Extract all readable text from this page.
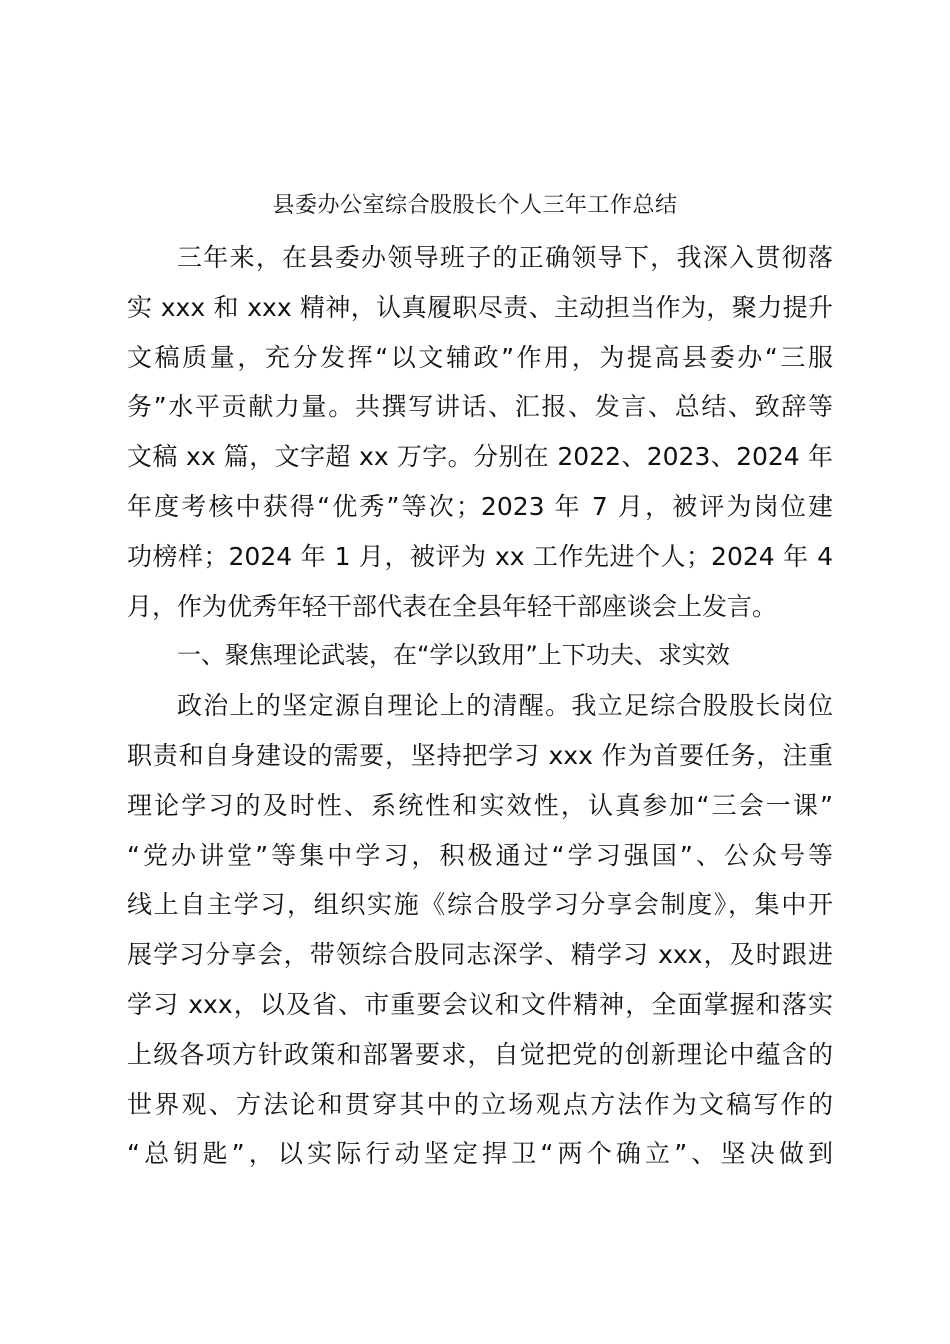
县委办公室综合股股长个人三年工作总结
三年来，在县委办领导班子的正确领导下，我深入贯彻落
实 xxx 和 xxx 精神，认真履职尽责、主动担当作为，聚力提升
文稿质量，充分发挥“以文辅政”作用，为提高县委办“三服
务”水平贡献力量。共撰写讲话、汇报、发言、总结、致辞等
文稿 xx 篇，文字超 xx 万字。分别在 2022、2023、2024 年
年度考核中获得“优秀”等次；2023 年 7 月，被评为岗位建
功榜样；2024 年 1 月，被评为 xx 工作先进个人；2024 年 4
月，作为优秀年轻干部代表在全县年轻干部座谈会上发言。
一、聚焦理论武装，在“学以致用”上下功夫、求实效
政治上的坚定源自理论上的清醒。我立足综合股股长岗位
职责和自身建设的需要，坚持把学习 xxx 作为首要任务，注重
理论学习的及时性、系统性和实效性，认真参加“三会一课”
“党办讲堂”等集中学习，积极通过“学习强国”、公众号等
线上自主学习，组织实施《综合股学习分享会制度》，集中开
展学习分享会，带领综合股同志深学、精学习 xxx，及时跟进
学习 xxx，以及省、市重要会议和文件精神，全面掌握和落实
上级各项方针政策和部署要求，自觉把党的创新理论中蕴含的
世界观、方法论和贯穿其中的立场观点方法作为文稿写作的
“总钥匙”，以实际行动坚定捍卫“两个确立”、坚决做到
